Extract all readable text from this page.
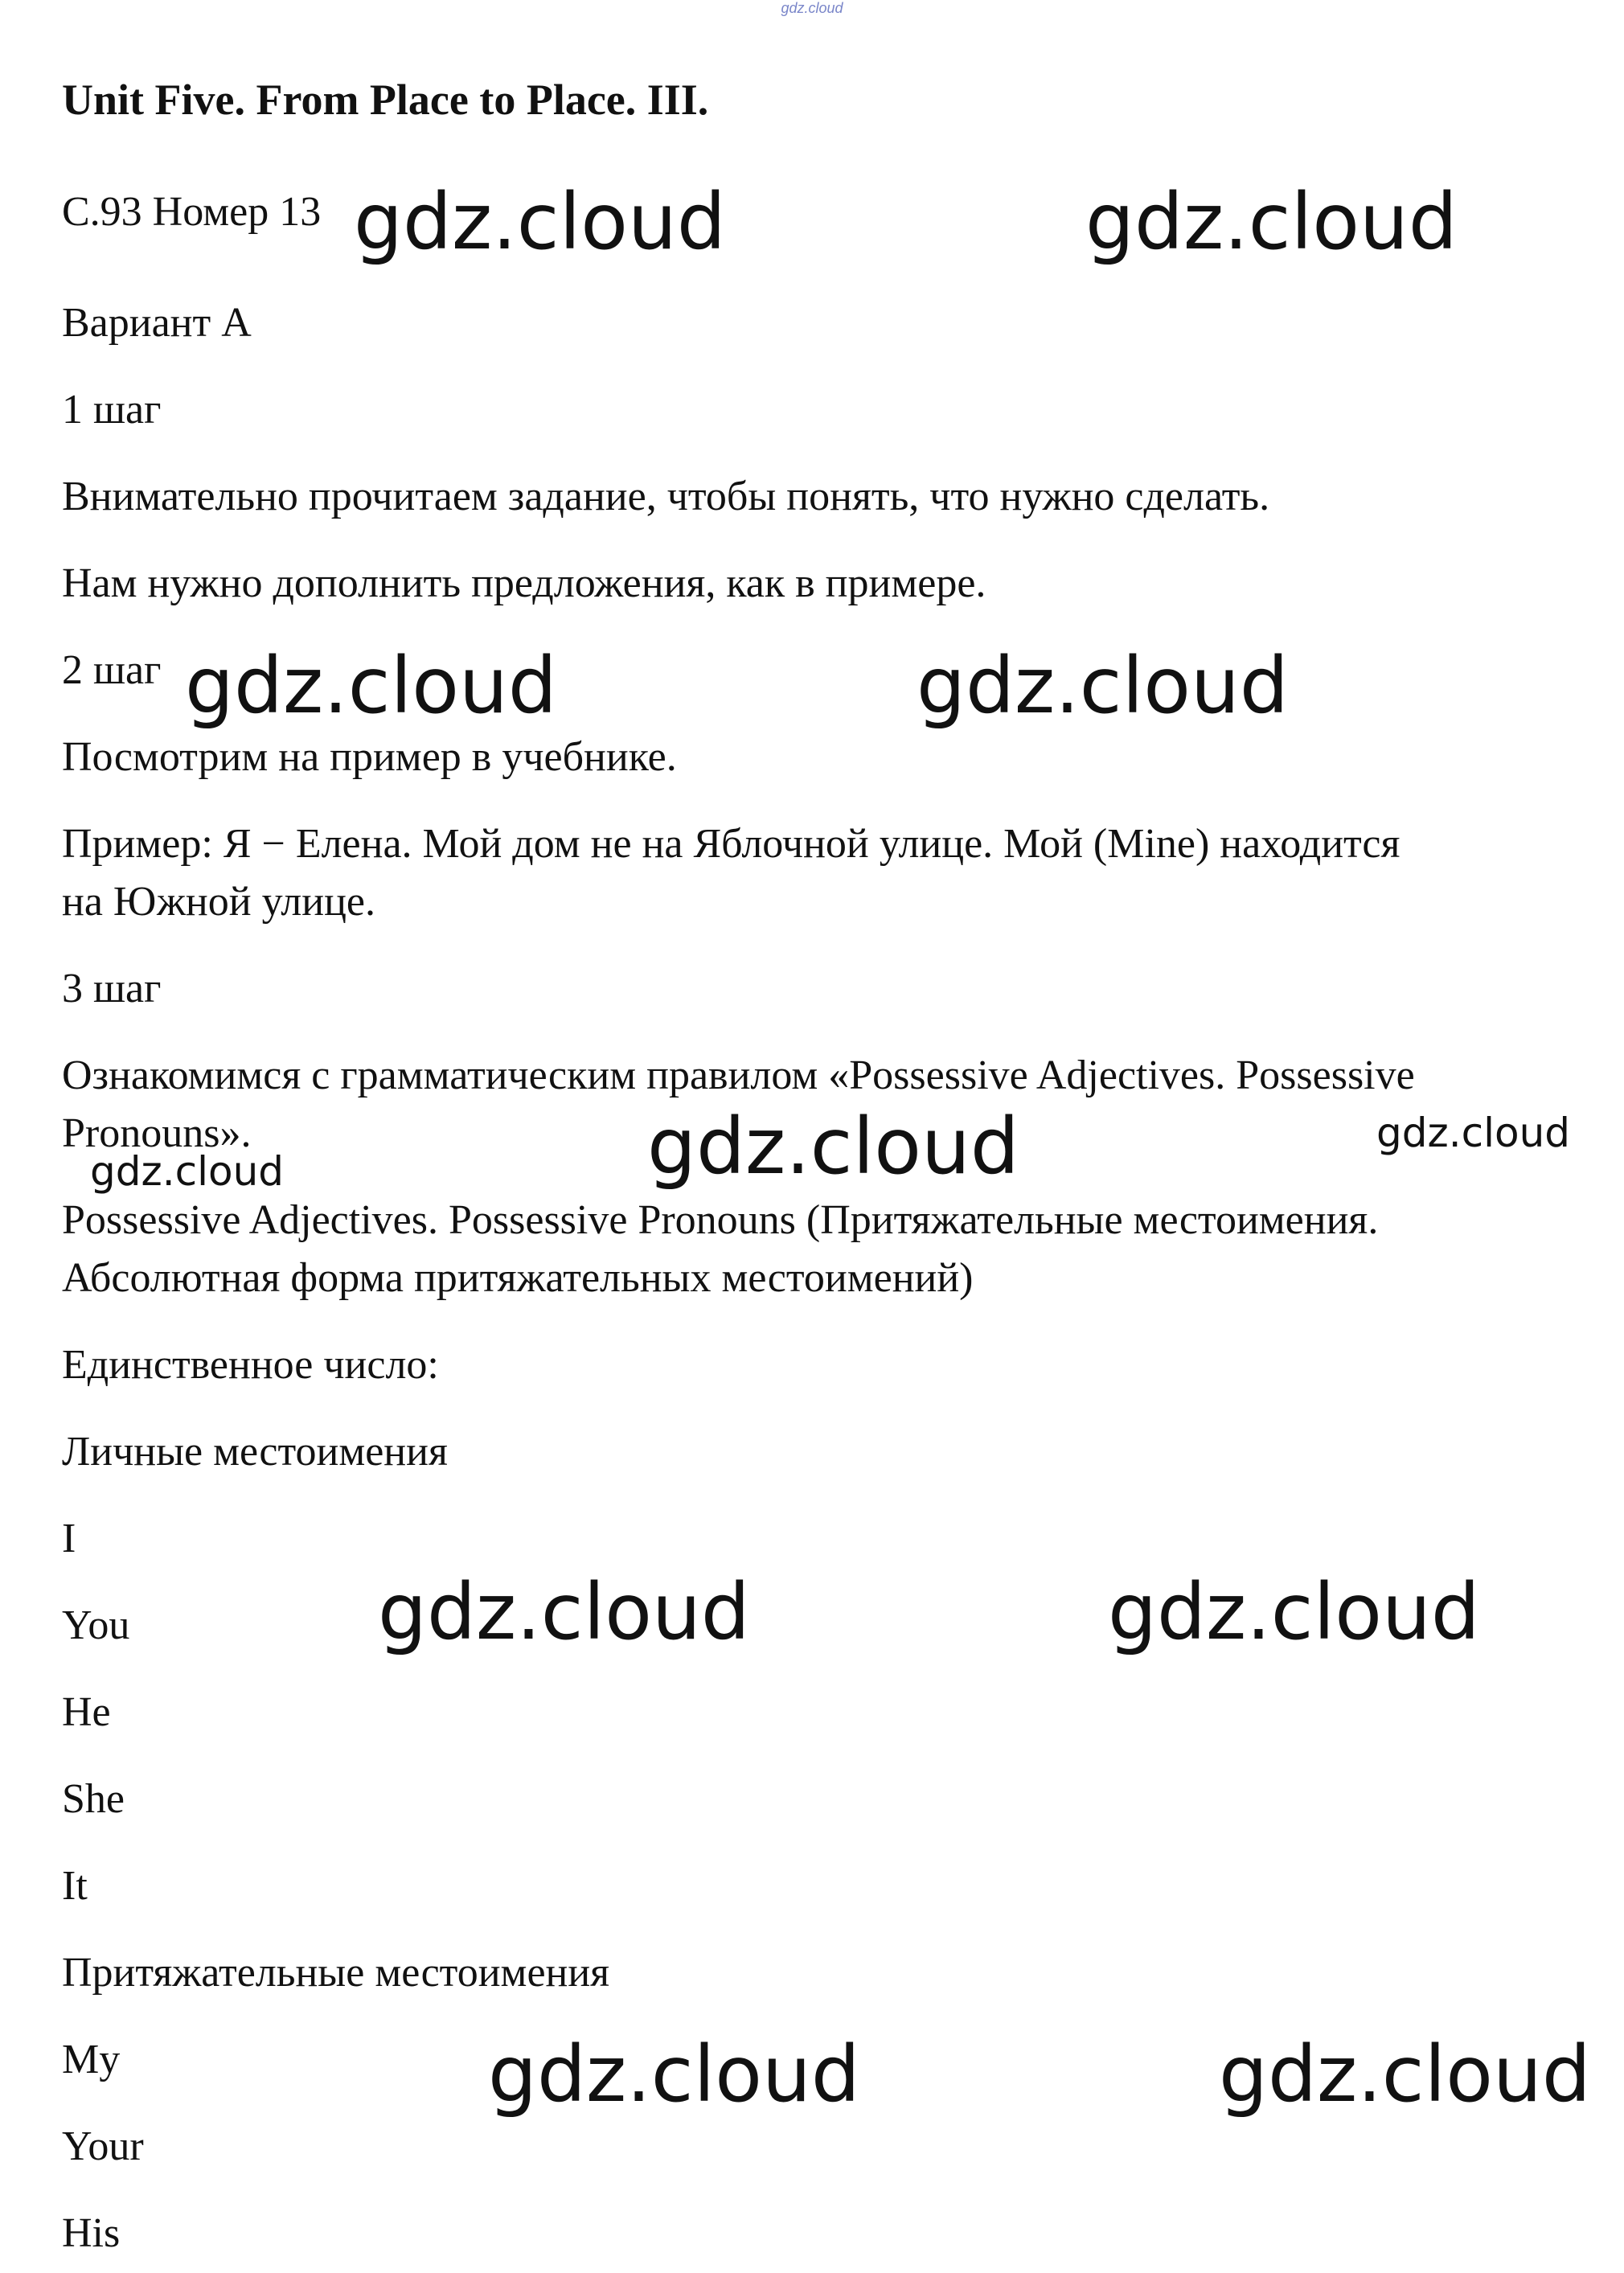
gdz.cloud
Unit Five. From Place to Place. III.

С.93 Номер 13

Вариант А

1 шаг

Внимательно прочитаем задание, чтобы понять, что нужно сделать.

Нам нужно дополнить предложения, как в примере.

2 шаг

Посмотрим на пример в учебнике.

Пример: Я − Елена. Мой дом не на Яблочной улице. Мой (Mine) находится

на Южной улице.

3 шаг

Ознакомимся с грамматическим правилом «Possessive Adjectives. Possessive

Pronouns».

Possessive Adjectives. Possessive Pronouns (Притяжательные местоимения.

Абсолютная форма притяжательных местоимений)

Единственное число:

Личные местоимения

I

You

He

She

It

Притяжательные местоимения

My

Your

His

gdz.cloud	gdz.cloud
gdz.cloud	gdz.cloud
gdz.cloud
gdz.cloud
gdz.cloud
gdz.cloud	gdz.cloud
gdz.cloud	gdz.cloud
